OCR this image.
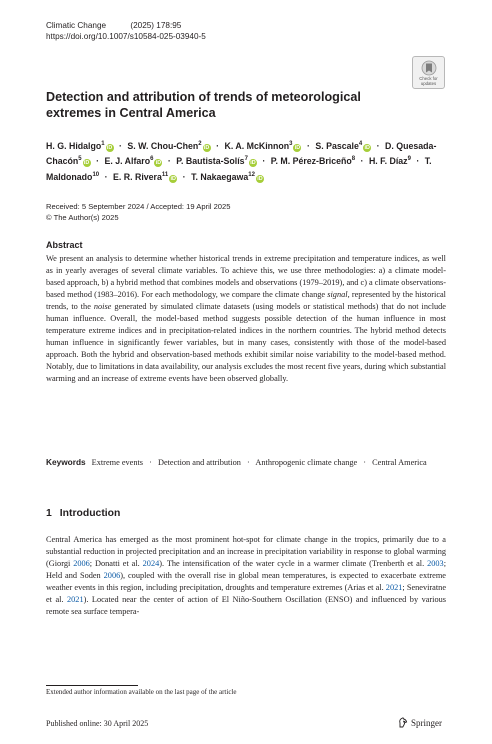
Climatic Change	(2025) 178:95
https://doi.org/10.1007/s10584-025-03940-5
Check for
updates
Detection and attribution of trends of meteorological extremes in Central America
H. G. Hidalgo$^1$iD · S. W. Chou-Chen$^2$iD · K. A. McKinnon$^3$iD · S. Pascale$^4$iD · D. Quesada-Chacón$^5$iD · E. J. Alfaro$^6$iD · P. Bautista-Solís$^7$iD · P. M. Pérez-Briceño$^8$ · H. F. Díaz$^9$ · T. Maldonado$^{10}$ · E. R. Rivera$^{11}$iD · T. Nakaegawa$^{12}$iD
Received: 5 September 2024 / Accepted: 19 April 2025
© The Author(s) 2025
Abstract

We present an analysis to determine whether historical trends in extreme precipitation and temperature indices, as well as in yearly averages of several climate variables. To achieve this, we use three methodologies: a) a climate model-based approach, b) a hybrid method that combines models and observations (1979–2019), and c) a climate observations-based method (1983–2016). For each methodology, we compare the climate change signal, represented by the historical trends, to the noise generated by simulated climate datasets (using models or statistical methods) that do not include human influence. Overall, the model-based method suggests possible detection of the human influence in most temperature extreme indices and in precipitation-related indices in the northern countries. The hybrid method detects human influence in significantly fewer variables, but in many cases, consistently with those of the model-based approach. Both the hybrid and observation-based methods exhibit similar noise variability to the model-based method. Notably, due to limitations in data availability, our analysis excludes the most recent five years, during which substantial warming and an increase of extreme events have been observed globally.

Keywords Extreme events · Detection and attribution · Anthropogenic climate change · Central America

1 Introduction

Central America has emerged as the most prominent hot-spot for climate change in the tropics, primarily due to a substantial reduction in projected precipitation and an increase in precipitation variability in response to global warming (Giorgi 2006; Donatti et al. 2024). The intensification of the water cycle in a warmer climate (Trenberth et al. 2003; Held and Soden 2006), coupled with the overall rise in global mean temperatures, is expected to exacerbate extreme weather events in this region, including precipitation, droughts and temperature extremes (Arias et al. 2021; Seneviratne et al. 2021). Located near the center of action of El Niño-Southern Oscillation (ENSO) and influenced by various remote sea surface tempera-

Extended author information available on the last page of the article
Published online: 30 April 2025	Springer
